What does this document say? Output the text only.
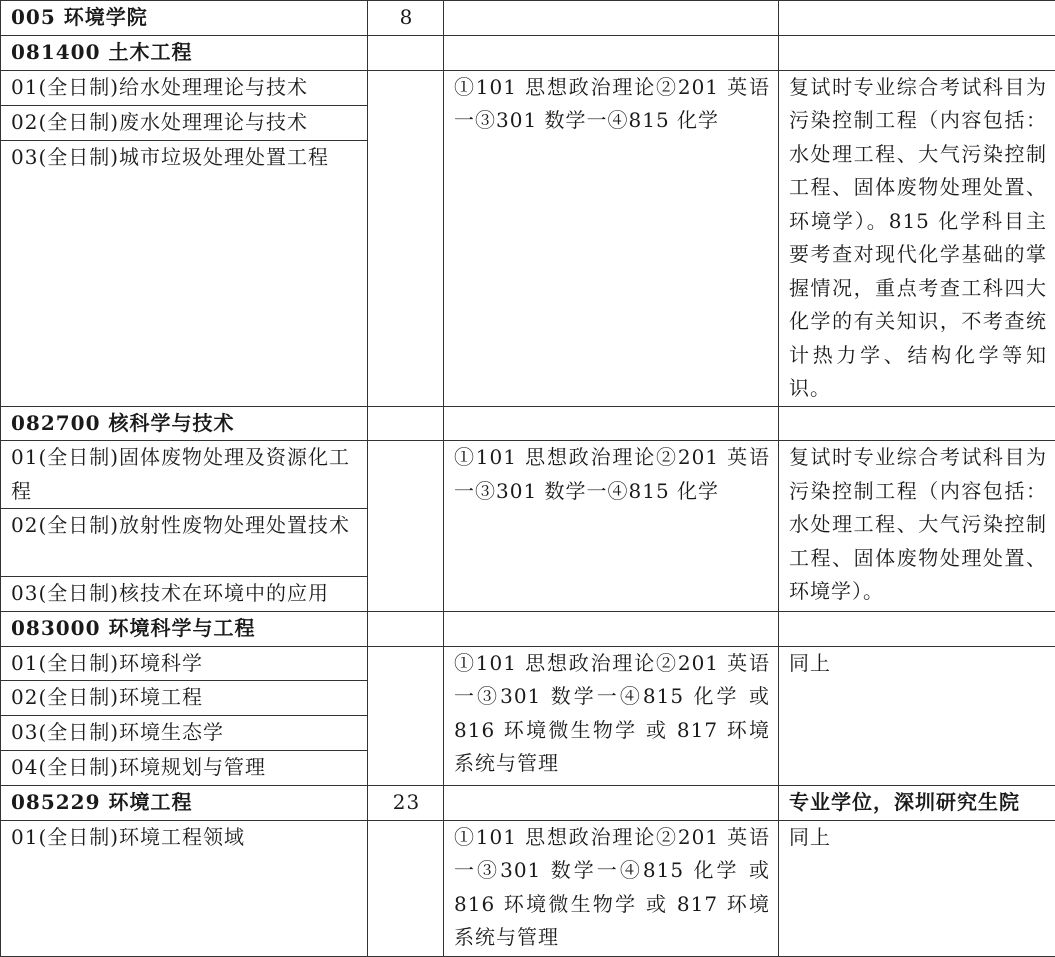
005 环境学院	8		
081400 土木工程			
01(全日制)给水处理理论与技术		①101 思想政治理论②201 英语一③301 数学一④815 化学	复试时专业综合考试科目为污染控制工程（内容包括：水处理工程、大气污染控制工程、固体废物处理处置、环境学）。815 化学科目主要考查对现代化学基础的掌握情况，重点考查工科四大化学的有关知识，不考查统计热力学、结构化学等知识。
02(全日制)废水处理理论与技术			
03(全日制)城市垃圾处理处置工程			
082700 核科学与技术			
01(全日制)固体废物处理及资源化工程		①101 思想政治理论②201 英语一③301 数学一④815 化学	复试时专业综合考试科目为污染控制工程（内容包括：水处理工程、大气污染控制工程、固体废物处理处置、环境学）。
02(全日制)放射性废物处理处置技术			
03(全日制)核技术在环境中的应用			
083000 环境科学与工程			
01(全日制)环境科学		①101 思想政治理论②201 英语一③301 数学一④815 化学 或 816 环境微生物学 或 817 环境系统与管理	同上
02(全日制)环境工程			
03(全日制)环境生态学			
04(全日制)环境规划与管理			
085229 环境工程	23		专业学位，深圳研究生院
01(全日制)环境工程领域		①101 思想政治理论②201 英语一③301 数学一④815 化学 或 816 环境微生物学 或 817 环境系统与管理	同上
